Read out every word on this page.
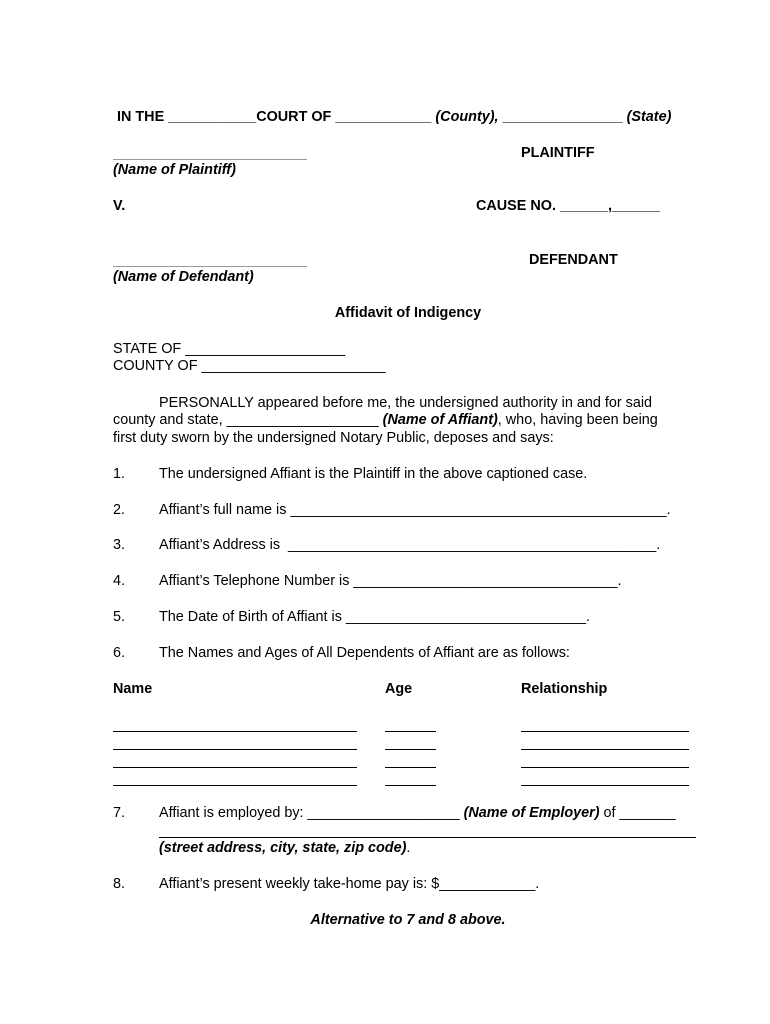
IN THE ___________COURT OF ____________ (County), _______________ (State)
PLAINTIFF
(Name of Plaintiff)
V.	CAUSE NO. ______,______
DEFENDANT
(Name of Defendant)
Affidavit of Indigency
STATE OF ____________________
COUNTY OF _______________________
PERSONALLY appeared before me, the undersigned authority in and for said
county and state, ___________________ (Name of Affiant), who, having been being
first duty sworn by the undersigned Notary Public, deposes and says:
1. The undersigned Affiant is the Plaintiff in the above captioned case.
2. Affiant’s full name is _______________________________________________.
3. Affiant’s Address is  ______________________________________________.
4. Affiant’s Telephone Number is _________________________________.
5. The Date of Birth of Affiant is ______________________________.
6. The Names and Ages of All Dependents of Affiant are as follows:
Name	Age	Relationship
7. Affiant is employed by: ___________________ (Name of Employer) of _______
(street address, city, state, zip code).
8. Affiant’s present weekly take-home pay is: $____________.
Alternative to 7 and 8 above.
